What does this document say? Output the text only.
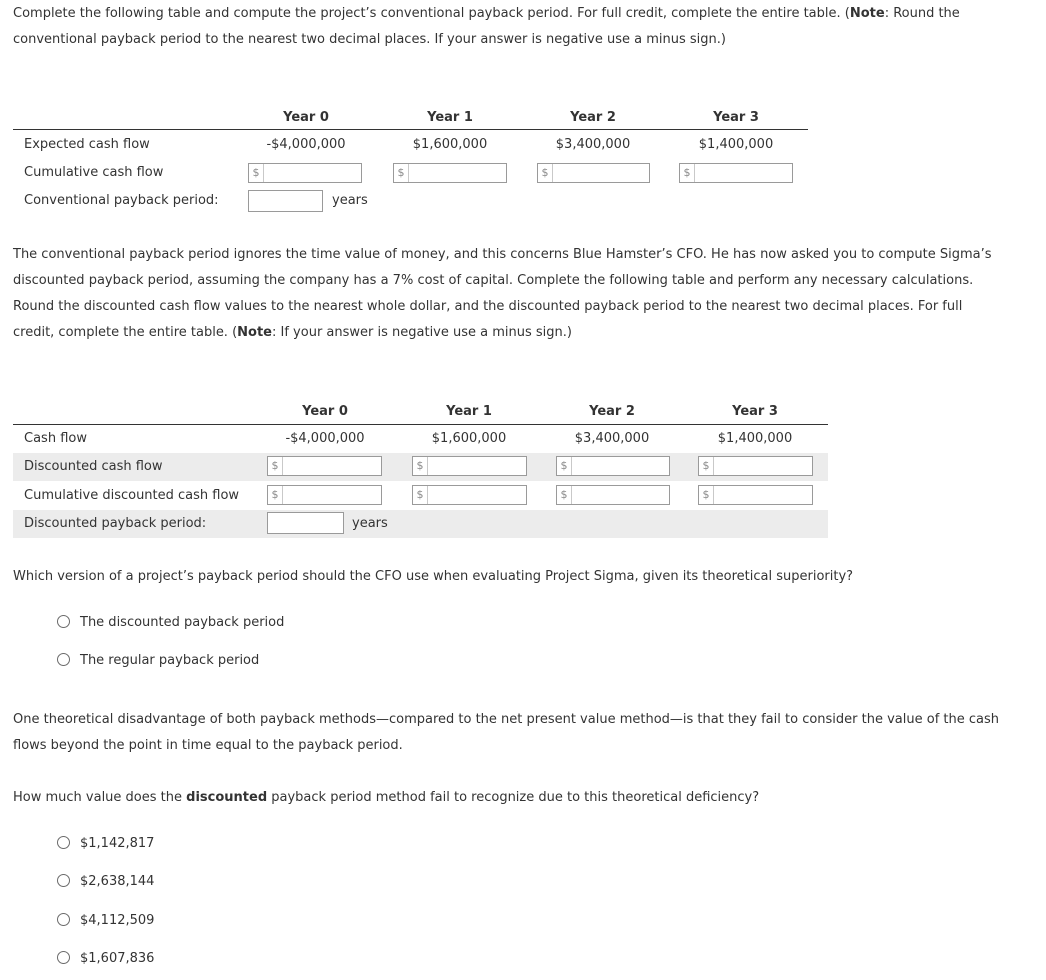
Complete the following table and compute the project’s conventional payback period. For full credit, complete the entire table. (Note: Round the
conventional payback period to the nearest two decimal places. If your answer is negative use a minus sign.)
Year 0	Year 1	Year 2	Year 3
Expected cash flow	-$4,000,000	$1,600,000	$3,400,000	$1,400,000
Cumulative cash flow	$	$	$	$
Conventional payback period:	years
The conventional payback period ignores the time value of money, and this concerns Blue Hamster’s CFO. He has now asked you to compute Sigma’s
discounted payback period, assuming the company has a 7% cost of capital. Complete the following table and perform any necessary calculations.
Round the discounted cash flow values to the nearest whole dollar, and the discounted payback period to the nearest two decimal places. For full
credit, complete the entire table. (Note: If your answer is negative use a minus sign.)
Year 0	Year 1	Year 2	Year 3
Cash flow	-$4,000,000	$1,600,000	$3,400,000	$1,400,000
Discounted cash flow	$	$	$	$
Cumulative discounted cash flow	$	$	$	$
Discounted payback period:	years
Which version of a project’s payback period should the CFO use when evaluating Project Sigma, given its theoretical superiority?
The discounted payback period
The regular payback period
One theoretical disadvantage of both payback methods—compared to the net present value method—is that they fail to consider the value of the cash
flows beyond the point in time equal to the payback period.
How much value does the discounted payback period method fail to recognize due to this theoretical deficiency?
$1,142,817
$2,638,144
$4,112,509
$1,607,836
